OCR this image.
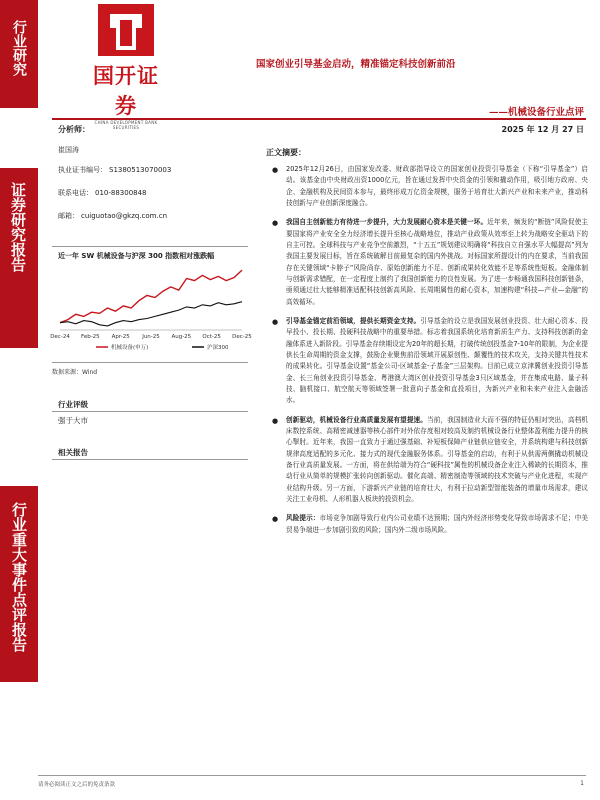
行业研究
证券研究报告
行业重大事件点评报告
国开证券
CHINA DEVELOPMENT BANK SECURITIES
国家创业引导基金启动，精准锚定科技创新前沿
——机械设备行业点评
分析师：
崔国涛
执业证书编号： S1380513070003
联系电话： 010-88300848
邮箱： cuiguotao@gkzq.com.cn
近一年 SW 机械设备与沪深 300 指数相对涨跌幅
Dec-24 Feb-25 Apr-25 Jun-25 Aug-25 Oct-25 Dec-25
机械设备(申万)	沪深300
数据来源：Wind
行业评级
强于大市
相关报告
2025 年 12 月 27 日
正文摘要：

● 2025年12月26日，由国家发改委、财政部指导设立的国家创业投资引导基金（下称“引导基金”）启动。该基金由中央财政出资1000亿元，旨在通过发挥中央资金的引领和撬动作用，吸引地方政府、央企、金融机构及民间资本参与，最终形成万亿资金规模，服务于培育壮大新兴产业和未来产业，推动科技创新与产业创新深度融合。

● 我国自主创新能力有待进一步提升，大力发展耐心资本是关键一环。近年来，频发的“断链”风险促使主要国家将产业安全全力经济增长提升至核心战略地位，推动产业政策从效率至上转为战略安全驱动下的自主可控。全球科技与产业竞争空前激烈，“十五五”规划建议明确将“科技自立自强水平大幅提高”列为我国主要发展目标，旨在系统破解目前最复杂的国内外挑战。对标国家所提设计的内在要求，当前我国存在关键领域“卡脖子”风险尚存、原始创新能力不足、创新成果转化效能不足等系统性短板。金融体制与创新需求错配，在一定程度上制约了我国创新能力的良性发展。为了进一步畅通我国科技创新链条，亟须通过壮大能够精准适配科技创新高风险、长周期属性的耐心资本，加速构建“科技—产业—金融”的高效循环。

● 引导基金锚定前沿领域，提供长期资金支持。引导基金的设立是我国发展创业投资、壮大耐心资本、投早投小、投长期、投硬科技战略中的重要举措。标志着我国系统化培育新质生产力、支持科技创新的金融体系进入新阶段。引导基金存续期设定为20年的超长期，打破传统创投基金7-10年的限制，为企业提供长生命周期的资金支撑，鼓励企业聚焦前沿领域开展原创性、颠覆性的技术攻关，支持关键共性技术的成果转化。引导基金设置“基金公司-区域基金-子基金”三层架构。目前已成立京津冀创业投资引导基金、长三角创业投资引导基金、粤港澳大湾区创业投资引导基金3只区域基金，并在集成电路、量子科技、脑机接口、航空航天等领域签署一批意向子基金和直投项目，为新兴产业和未来产业注入金融活水。

● 创新驱动，机械设备行业高质量发展有望提速。当前，我国制造业大而不强的特征仍相对突出，高档机床数控系统、高精密减速器等核心部件对外依存度相对较高及制约机械设备行业整体盈利能力提升的核心掣肘。近年来，我国一直致力于通过强基础、补短板保障产业链供应链安全，并系统构建与科技创新规律高度适配的多元化、接力式的现代金融服务体系。引导基金的启动，有利于从供需两侧撬动机械设备行业高质量发展。一方面，将在供给端为符合“硬科技”属性的机械设备企业注入稀缺的长期资本，推动行业从简单的规模扩张转向创新驱动。催化高端、精密制造等领域的技术突破与产业化进程，实现产业结构升级。另一方面，下游新兴产业链的培育壮大，有利于拉动新型智能装备的增量市场需求，建议关注工业母机、人形机器人板块的投资机会。

● 风险提示：市场竞争加剧导致行业内公司业绩不达预期；国内外经济形势变化导致市场需求不足；中美贸易争端进一步加剧引致的风险；国内外二级市场风险。

请务必阅读正文之后的免责条款	1
